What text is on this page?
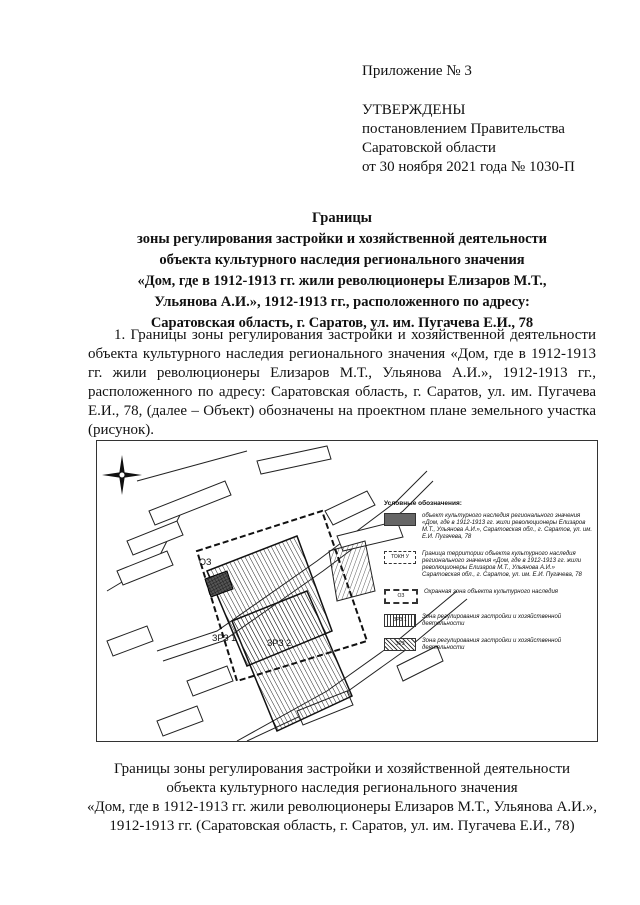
Приложение № 3
УТВЕРЖДЕНЫ
постановлением Правительства
Саратовской области
от 30 ноября 2021 года № 1030-П
Границы
зоны регулирования застройки и хозяйственной деятельности
объекта культурного наследия регионального значения
«Дом, где в 1912-1913 гг. жили революционеры Елизаров М.Т.,
Ульянова А.И.», 1912-1913 гг., расположенного по адресу:
Саратовская область, г. Саратов, ул. им. Пугачева Е.И., 78
1. Границы зоны регулирования застройки и хозяйственной деятельности объекта культурного наследия регионального значения «Дом, где в 1912-1913 гг. жили революционеры Елизаров М.Т., Ульянова А.И.», 1912-1913 гг., расположенного по адресу: Саратовская область, г. Саратов, ул. им. Пугачева Е.И., 78, (далее – Объект) обозначены на проектном плане земельного участка (рисунок).
ОЗ
ЗРЗ 1	ЗРЗ 2
Условные обозначения:
объект культурного наследия регионального значения «Дом, где в 1912-1913 гг. жили революционеры Елизаров М.Т., Ульянова А.И.», Саратовская обл., г. Саратов, ул. им. Е.И. Пугачева, 78
ТОКН У	Граница территории объекта культурного наследия регионального значения «Дом, где в 1912-1913 гг. жили революционеры Елизаров М.Т., Ульянова А.И.» Саратовская обл., г. Саратов, ул. им. Е.И. Пугачева, 78
ОЗ
Охранная зона объекта культурного наследия
ЗРЗ 1	Зона регулирования застройки и хозяйственной деятельности
ЗРЗ	Зона регулирования застройки и хозяйственной деятельности
Границы зоны регулирования застройки и хозяйственной деятельности
объекта культурного наследия регионального значения
«Дом, где в 1912-1913 гг. жили революционеры Елизаров М.Т., Ульянова А.И.»,
1912-1913 гг. (Саратовская область, г. Саратов, ул. им. Пугачева Е.И., 78)
